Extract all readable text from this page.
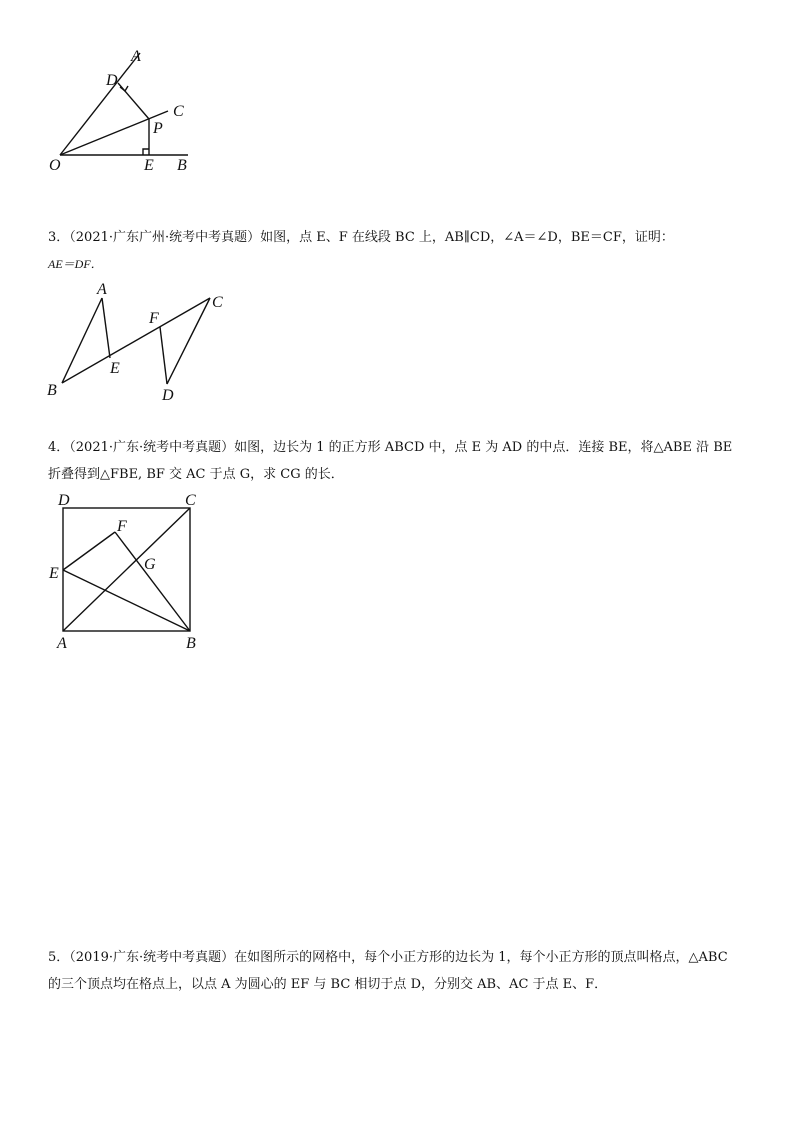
A
D
C
P
O	E B
3．（2021·广东广州·统考中考真题）如图，点 E、F 在线段 BC 上，AB∥CD，∠A＝∠D，BE＝CF，证明：
AE＝DF．
A
E
B
F
C
D
4．（2021·广东·统考中考真题）如图，边长为 1 的正方形 ABCD 中，点 E 为 AD 的中点．连接 BE，将△ABE 沿 BE
折叠得到△FBE, BF 交 AC 于点 G，求 CG 的长．
D	C
F
G
E
A	B
5．（2019·广东·统考中考真题）在如图所示的网格中，每个小正方形的边长为 1，每个小正方形的顶点叫格点，△ABC
的三个顶点均在格点上，以点 A 为圆心的 EF 与 BC 相切于点 D，分别交 AB、AC 于点 E、F．
